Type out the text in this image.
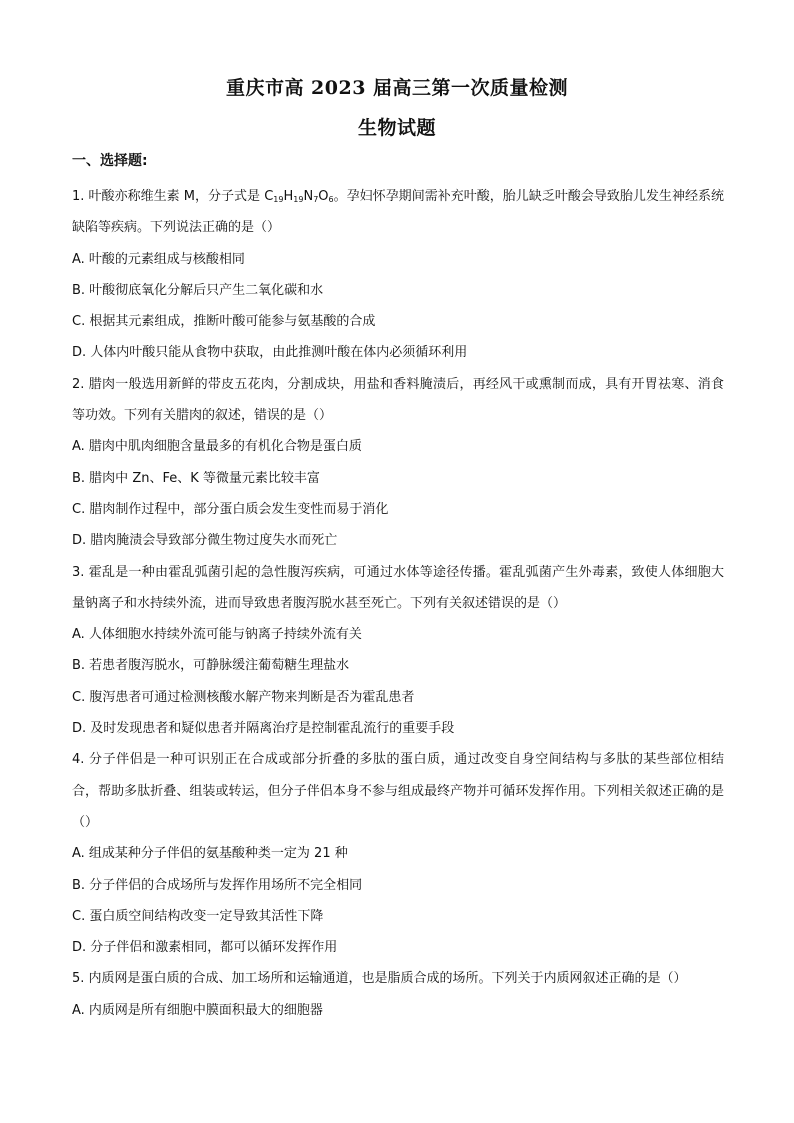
重庆市高 2023 届高三第一次质量检测
生物试题
一、选择题:

1. 叶酸亦称维生素 M，分子式是 $C_{19}H_{19}N_7O_6$。孕妇怀孕期间需补充叶酸，胎儿缺乏叶酸会导致胎儿发生神经系统缺陷等疾病。下列说法正确的是（）

A. 叶酸的元素组成与核酸相同

B. 叶酸彻底氧化分解后只产生二氧化碳和水

C. 根据其元素组成，推断叶酸可能参与氨基酸的合成

D. 人体内叶酸只能从食物中获取，由此推测叶酸在体内必须循环利用

2. 腊肉一般选用新鲜的带皮五花肉，分割成块，用盐和香料腌渍后，再经风干或熏制而成，具有开胃祛寒、消食等功效。下列有关腊肉的叙述，错误的是（）

A. 腊肉中肌肉细胞含量最多的有机化合物是蛋白质

B. 腊肉中 Zn、Fe、K 等微量元素比较丰富

C. 腊肉制作过程中，部分蛋白质会发生变性而易于消化

D. 腊肉腌渍会导致部分微生物过度失水而死亡

3. 霍乱是一种由霍乱弧菌引起的急性腹泻疾病，可通过水体等途径传播。霍乱弧菌产生外毒素，致使人体细胞大量钠离子和水持续外流，进而导致患者腹泻脱水甚至死亡。下列有关叙述错误的是（）

A. 人体细胞水持续外流可能与钠离子持续外流有关

B. 若患者腹泻脱水，可静脉缓注葡萄糖生理盐水

C. 腹泻患者可通过检测核酸水解产物来判断是否为霍乱患者

D. 及时发现患者和疑似患者并隔离治疗是控制霍乱流行的重要手段

4. 分子伴侣是一种可识别正在合成或部分折叠的多肽的蛋白质，通过改变自身空间结构与多肽的某些部位相结合，帮助多肽折叠、组装或转运，但分子伴侣本身不参与组成最终产物并可循环发挥作用。下列相关叙述正确的是（）

A. 组成某种分子伴侣的氨基酸种类一定为 21 种

B. 分子伴侣的合成场所与发挥作用场所不完全相同

C. 蛋白质空间结构改变一定导致其活性下降

D. 分子伴侣和激素相同，都可以循环发挥作用

5. 内质网是蛋白质的合成、加工场所和运输通道，也是脂质合成的场所。下列关于内质网叙述正确的是（）

A. 内质网是所有细胞中膜面积最大的细胞器
